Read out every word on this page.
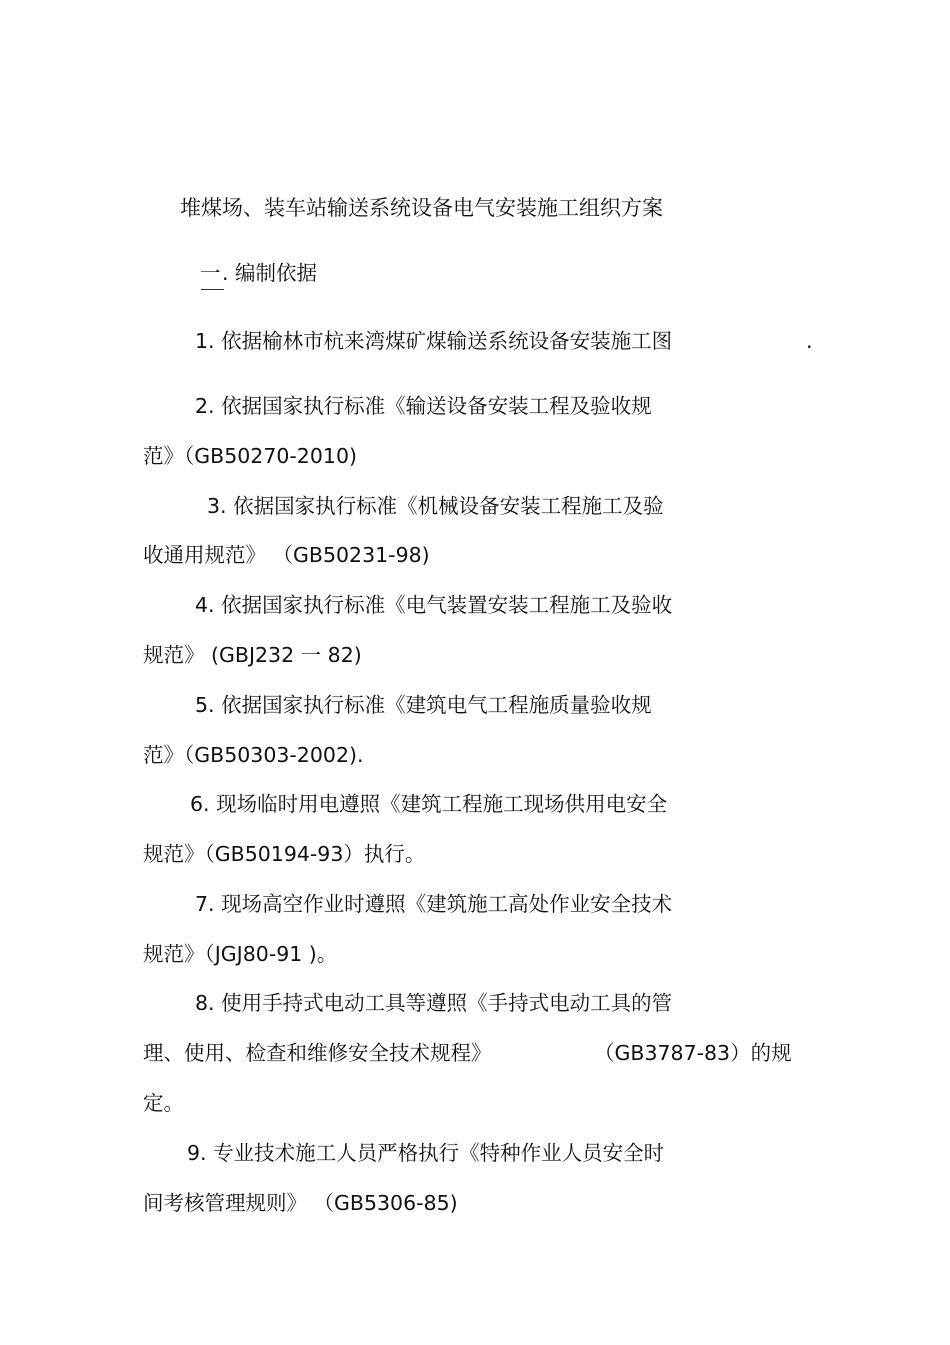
堆煤场、装车站输送系统设备电气安装施工组织方案
一. 编制依据
1. 依据榆林市杭来湾煤矿煤输送系统设备安装施工图	.
2. 依据国家执行标准《输送设备安装工程及验收规
范》（GB50270-2010)
3. 依据国家执行标准《机械设备安装工程施工及验
收通用规范》 （GB50231-98)
4. 依据国家执行标准《电气装置安装工程施工及验收
规范》 (GBJ232 一 82)
5. 依据国家执行标准《建筑电气工程施质量验收规
范》（GB50303-2002).
6. 现场临时用电遵照《建筑工程施工现场供用电安全
规范》（GB50194-93）执行。
7. 现场高空作业时遵照《建筑施工高处作业安全技术
规范》（JGJ80-91 )。
8. 使用手持式电动工具等遵照《手持式电动工具的管
理、使用、检查和维修安全技术规程》	（GB3787-83）的规
定。
9. 专业技术施工人员严格执行《特种作业人员安全时
间考核管理规则》 （GB5306-85)
